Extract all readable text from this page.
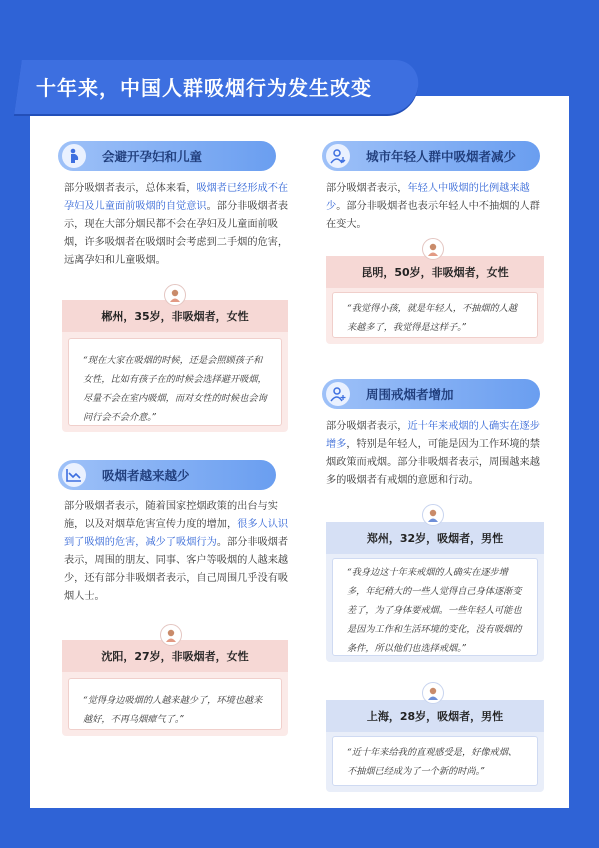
十年来，中国人群吸烟行为发生改变
会避开孕妇和儿童
部分吸烟者表示，总体来看，吸烟者已经形成不在孕妇及儿童面前吸烟的自觉意识。部分非吸烟者表示，现在大部分烟民都不会在孕妇及儿童面前吸烟，许多吸烟者在吸烟时会考虑到二手烟的危害，远离孕妇和儿童吸烟。
郴州，35岁，非吸烟者，女性
“现在大家在吸烟的时候，还是会照顾孩子和女性，比如有孩子在的时候会选择避开吸烟，尽量不会在室内吸烟，而对女性的时候也会询问行会不会介意。”
吸烟者越来越少
部分吸烟者表示，随着国家控烟政策的出台与实施，以及对烟草危害宣传力度的增加，很多人认识到了吸烟的危害，减少了吸烟行为。部分非吸烟者表示，周围的朋友、同事、客户等吸烟的人越来越少，还有部分非吸烟者表示，自己周围几乎没有吸烟人士。
沈阳，27岁，非吸烟者，女性
“觉得身边吸烟的人越来越少了，环境也越来越好，不再乌烟瘴气了。”
城市年轻人群中吸烟者减少
部分吸烟者表示，年轻人中吸烟的比例越来越少。部分非吸烟者也表示年轻人中不抽烟的人群在变大。
昆明，50岁，非吸烟者，女性
“我觉得小孩，就是年轻人，不抽烟的人越来越多了，我觉得是这样子。”
周围戒烟者增加
部分吸烟者表示，近十年来戒烟的人确实在逐步增多，特别是年轻人，可能是因为工作环境的禁烟政策而戒烟。部分非吸烟者表示，周围越来越多的吸烟者有戒烟的意愿和行动。
郑州，32岁，吸烟者，男性
“我身边这十年来戒烟的人确实在逐步增多，年纪稍大的一些人觉得自己身体逐渐变差了，为了身体要戒烟。一些年轻人可能也是因为工作和生活环境的变化，没有吸烟的条件，所以他们也选择戒烟。”
上海，28岁，吸烟者，男性
“近十年来给我的直观感受是，好像戒烟、不抽烟已经成为了一个新的时尚。”
